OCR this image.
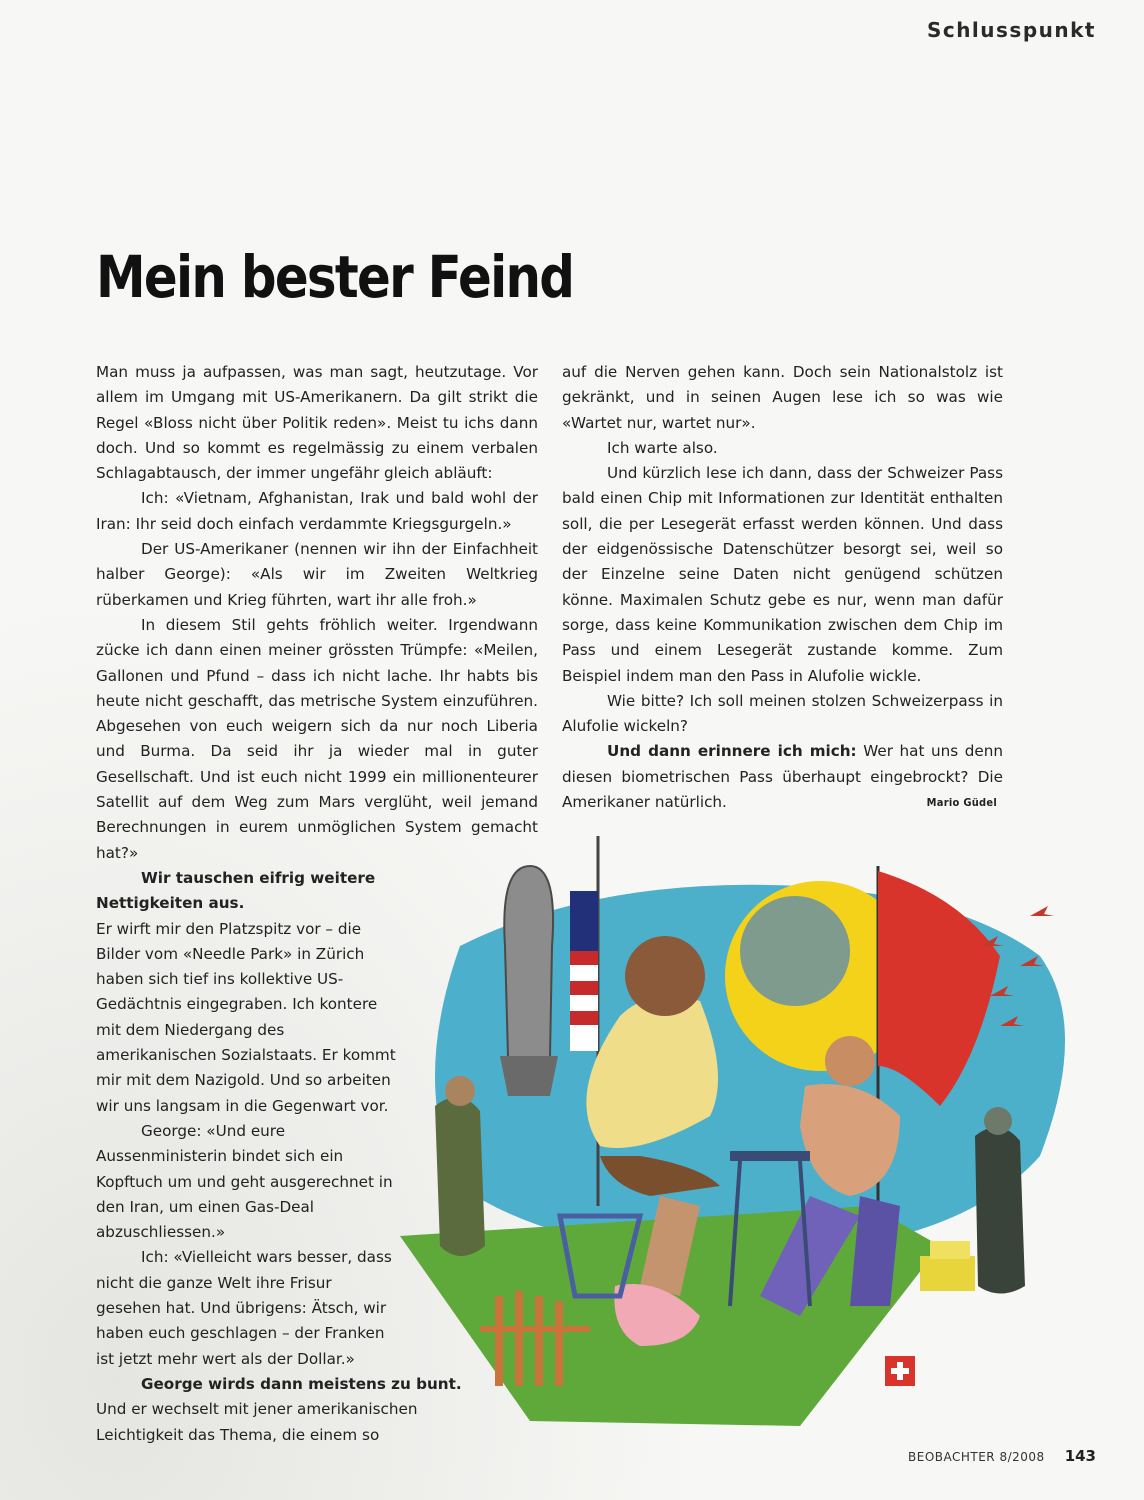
Schlusspunkt
Mein bester Feind

Man muss ja aufpassen, was man sagt, heutzutage. Vor allem im Umgang mit US-Amerikanern. Da gilt strikt die Regel «Bloss nicht über Politik reden». Meist tu ichs dann doch. Und so kommt es regelmässig zu einem verbalen Schlagabtausch, der immer ungefähr gleich abläuft:

Ich: «Vietnam, Afghanistan, Irak und bald wohl der Iran: Ihr seid doch einfach verdammte Kriegsgurgeln.»

Der US-Amerikaner (nennen wir ihn der Einfachheit halber George): «Als wir im Zweiten Weltkrieg rüberkamen und Krieg führten, wart ihr alle froh.»

In diesem Stil gehts fröhlich weiter. Irgendwann zücke ich dann einen meiner grössten Trümpfe: «Meilen, Gallonen und Pfund – dass ich nicht lache. Ihr habts bis heute nicht geschafft, das metrische System einzuführen. Abgesehen von euch weigern sich da nur noch Liberia und Burma. Da seid ihr ja wieder mal in guter Gesellschaft. Und ist euch nicht 1999 ein millionenteurer Satellit auf dem Weg zum Mars verglüht, weil jemand Berechnungen in eurem unmöglichen System gemacht hat?»

Wir tauschen eifrig weitere Nettigkeiten aus.

Er wirft mir den Platzspitz vor – die Bilder vom «Needle Park» in Zürich haben sich tief ins kollektive US-Gedächtnis eingegraben. Ich kontere mit dem Niedergang des amerikanischen Sozialstaats. Er kommt mir mit dem Nazigold. Und so arbeiten wir uns langsam in die Gegenwart vor.

George: «Und eure Aussenministerin bindet sich ein Kopftuch um und geht ausgerechnet in den Iran, um einen Gas-Deal abzuschliessen.»

Ich: «Vielleicht wars besser, dass nicht die ganze Welt ihre Frisur gesehen hat. Und übrigens: Ätsch, wir haben euch geschlagen – der Franken ist jetzt mehr wert als der Dollar.»

George wirds dann meistens zu bunt. Und er wechselt mit jener amerikanischen Leichtigkeit das Thema, die einem so

auf die Nerven gehen kann. Doch sein Nationalstolz ist gekränkt, und in seinen Augen lese ich so was wie «Wartet nur, wartet nur».

Ich warte also.

Und kürzlich lese ich dann, dass der Schweizer Pass bald einen Chip mit Informationen zur Identität enthalten soll, die per Lesegerät erfasst werden können. Und dass der eidgenössische Datenschützer besorgt sei, weil so der Einzelne seine Daten nicht genügend schützen könne. Maximalen Schutz gebe es nur, wenn man dafür sorge, dass keine Kommunikation zwischen dem Chip im Pass und einem Lesegerät zustande komme. Zum Beispiel indem man den Pass in Alufolie wickle.

Wie bitte? Ich soll meinen stolzen Schweizerpass in Alufolie wickeln?

Und dann erinnere ich mich: Wer hat uns denn diesen biometrischen Pass überhaupt eingebrockt? Die Amerikaner natürlich.	Mario Güdel

BEOBACHTER 8/2008 143
